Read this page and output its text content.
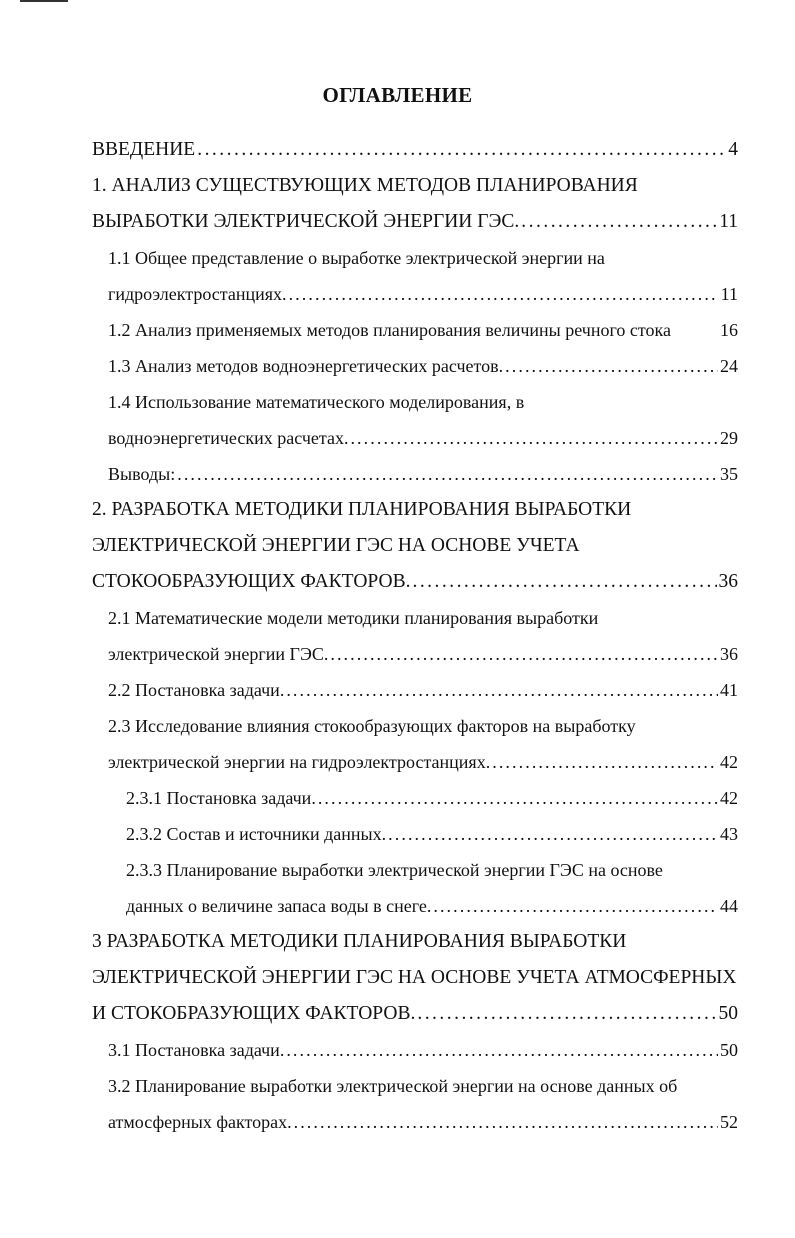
ОГЛАВЛЕНИЕ
ВВЕДЕНИЕ . . .	4
1. АНАЛИЗ СУЩЕСТВУЮЩИХ МЕТОДОВ ПЛАНИРОВАНИЯ
ВЫРАБОТКИ ЭЛЕКТРИЧЕСКОЙ ЭНЕРГИИ ГЭС. . . .	11
1.1 Общее представление о выработке электрической энергии на
гидроэлектростанциях. . . .	11
1.2 Анализ применяемых методов планирования величины речного стока	16
1.3 Анализ методов водноэнергетических расчетов. . . .	24
1.4 Использование математического моделирования, в
водноэнергетических расчетах. . . .	29
Выводы: . . .	35
2. РАЗРАБОТКА МЕТОДИКИ ПЛАНИРОВАНИЯ ВЫРАБОТКИ
ЭЛЕКТРИЧЕСКОЙ ЭНЕРГИИ ГЭС НА ОСНОВЕ УЧЕТА
СТОКООБРАЗУЮЩИХ ФАКТОРОВ. . . .	36
2.1 Математические модели методики планирования выработки
электрической энергии ГЭС. . . .	36
2.2 Постановка задачи. . . .	41
2.3 Исследование влияния стокообразующих факторов на выработку
электрической энергии на гидроэлектростанциях. . . .	42
2.3.1 Постановка задачи. . . .	42
2.3.2 Состав и источники данных. . . .	43
2.3.3 Планирование выработки электрической энергии ГЭС на основе
данных о величине запаса воды в снеге. . . .	44
3 РАЗРАБОТКА МЕТОДИКИ ПЛАНИРОВАНИЯ ВЫРАБОТКИ
ЭЛЕКТРИЧЕСКОЙ ЭНЕРГИИ ГЭС НА ОСНОВЕ УЧЕТА АТМОСФЕРНЫХ
И СТОКОБРАЗУЮЩИХ ФАКТОРОВ. . . .	50
3.1 Постановка задачи. . . .	50
3.2 Планирование выработки электрической энергии на основе данных об
атмосферных факторах. . . .	52
